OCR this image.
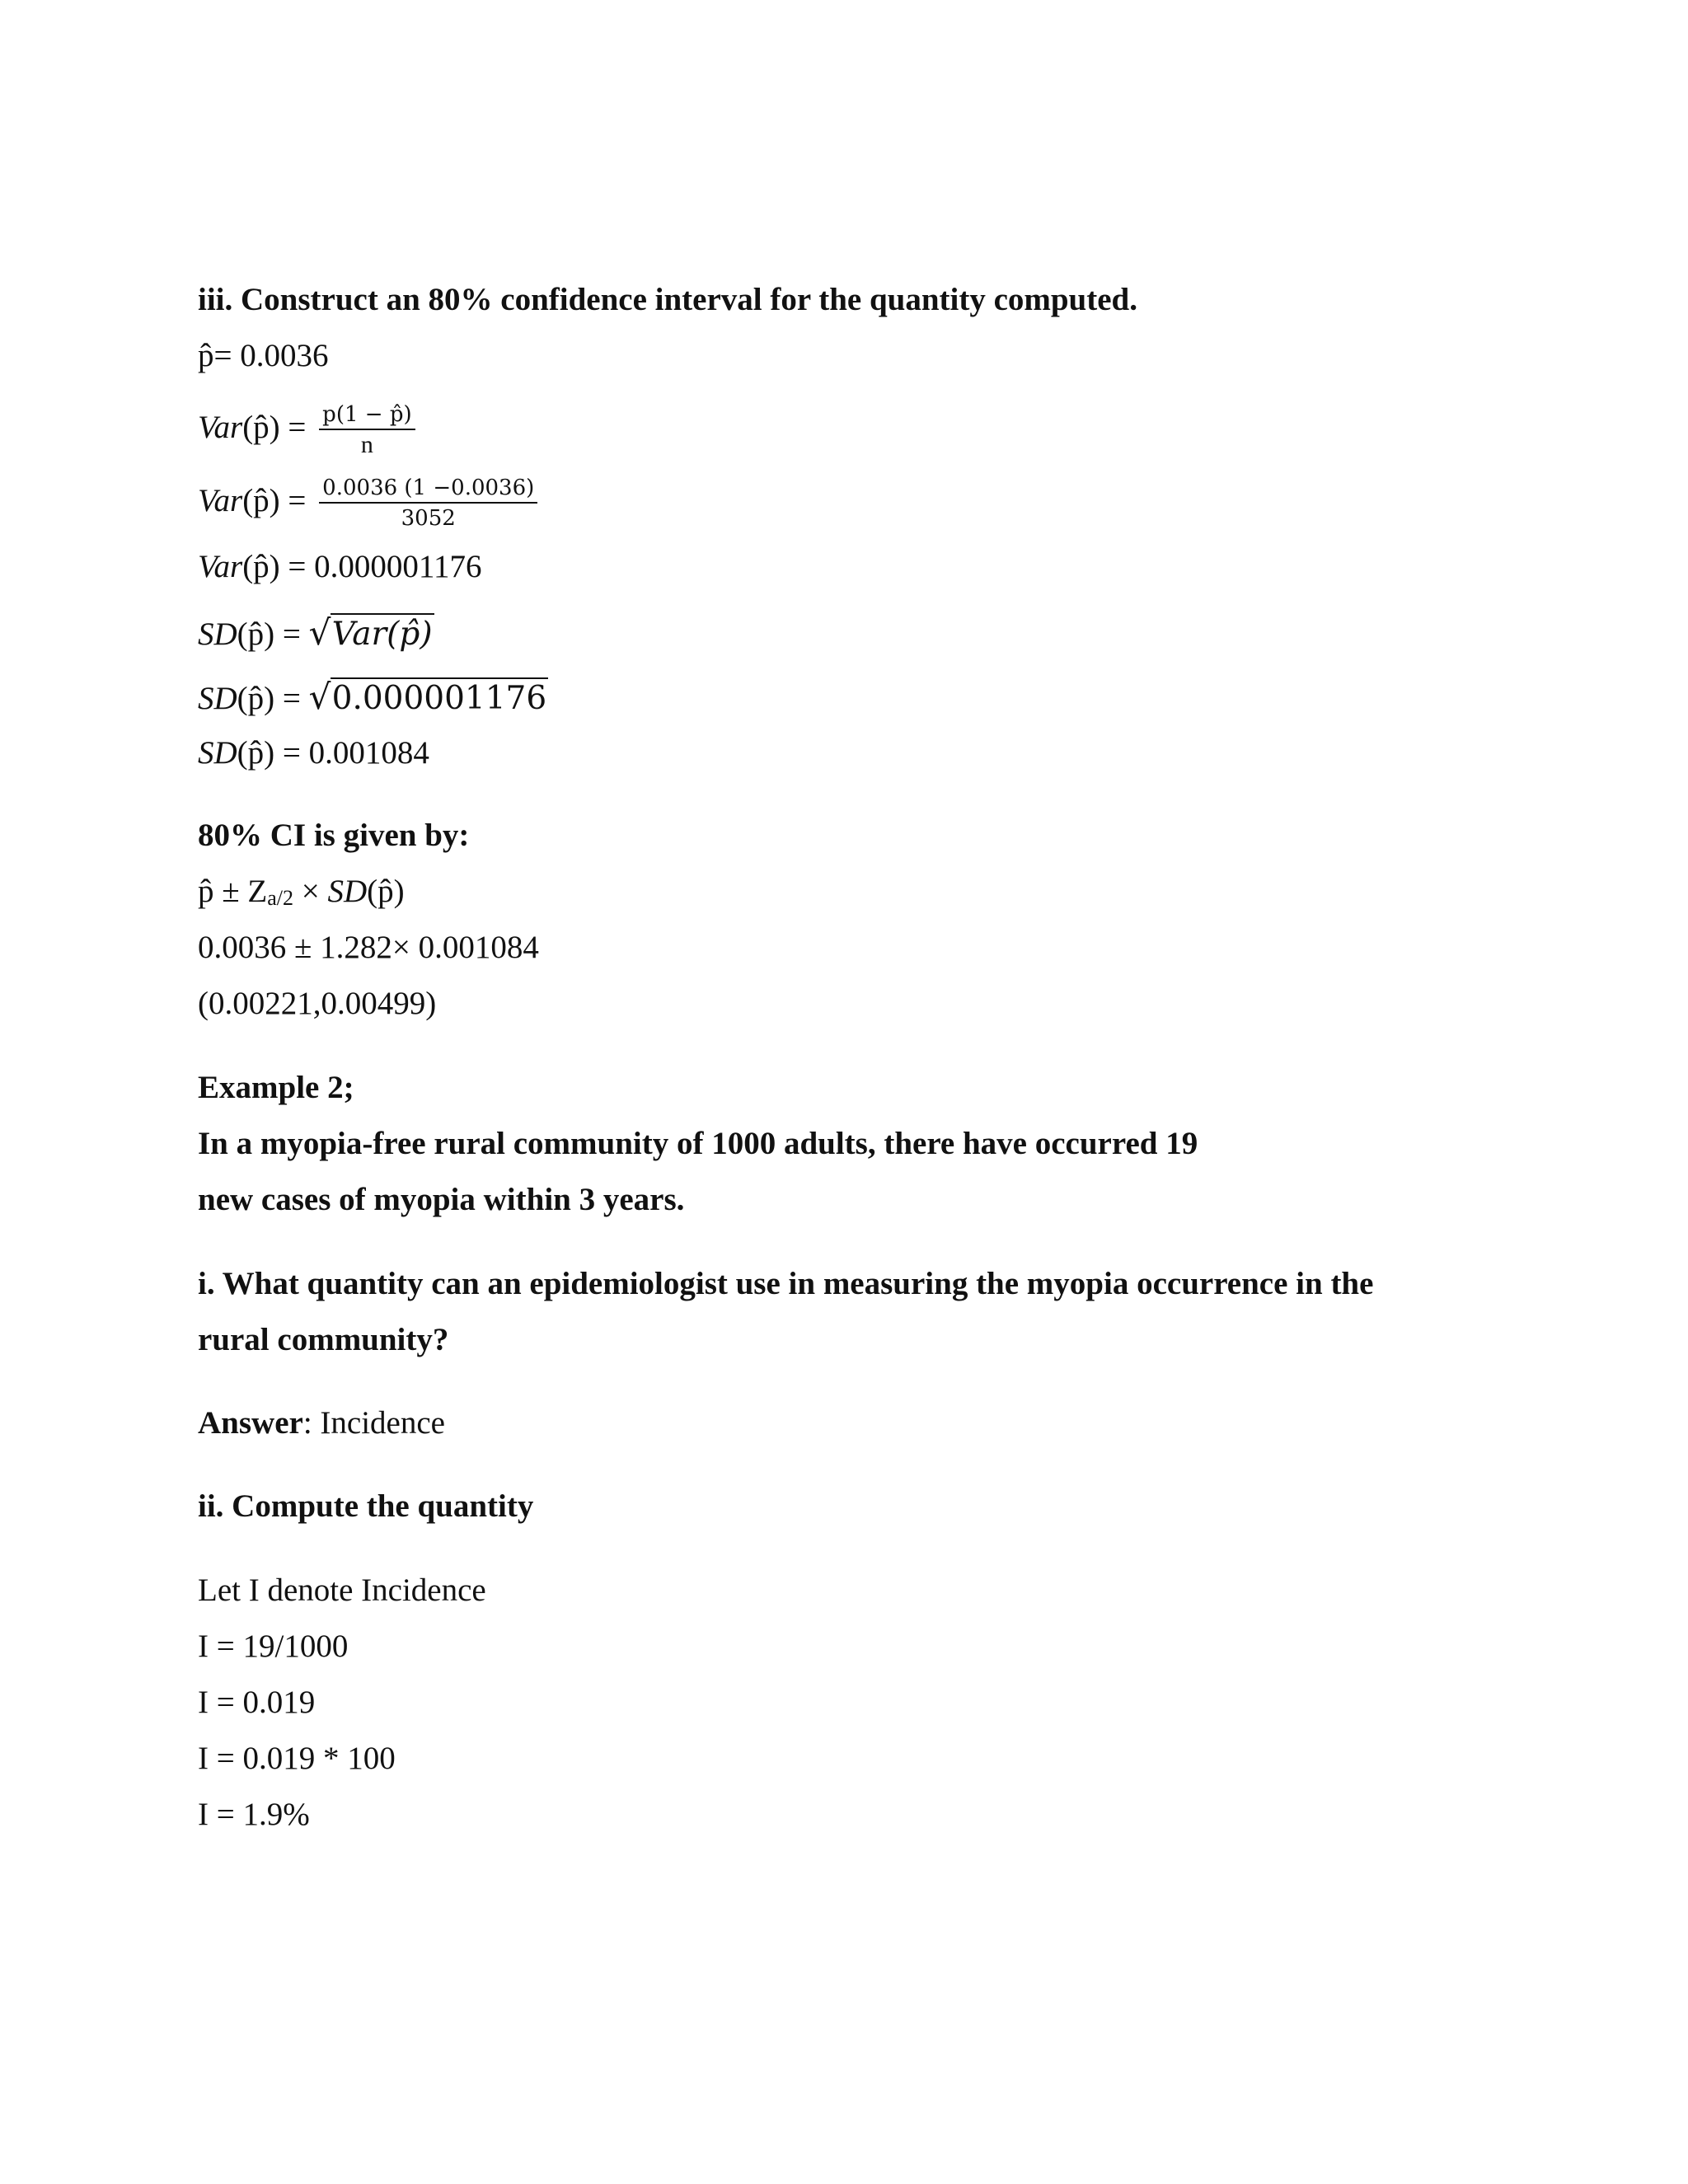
iii. Construct an 80% confidence interval for the quantity computed.
p̂= 0.0036
Var(p̂) = $\frac{p(1 - p̂)}{n}$
Var(p̂) = $\frac{0.0036 (1 -0.0036)}{3052}$
Var(p̂) = 0.000001176
SD(p̂) = √ Var(p̂)
SD(p̂) = √ 0.000001176
SD(p̂) = 0.001084
80% CI is given by:
p̂ ± Za/2 × SD(p̂)
0.0036 ± 1.282× 0.001084
(0.00221,0.00499)
Example 2;
In a myopia-free rural community of 1000 adults, there have occurred 19
new cases of myopia within 3 years.
i. What quantity can an epidemiologist use in measuring the myopia occurrence in the
rural community?
Answer: Incidence
ii. Compute the quantity
Let I denote Incidence
I = 19/1000
I = 0.019
I = 0.019 * 100
I = 1.9%
